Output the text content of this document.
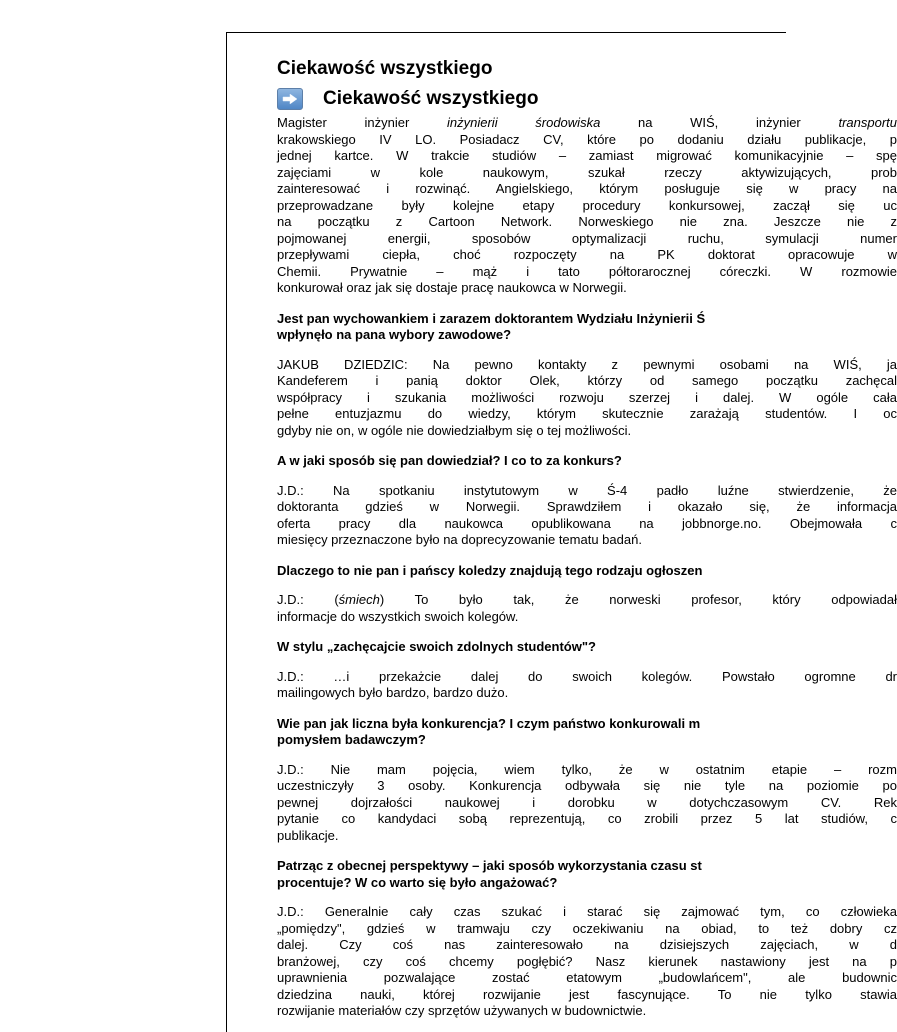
Ciekawość wszystkiego
Ciekawość wszystkiego
Magister inżynier inżynierii środowiska na WIŚ, inżynier transportu
krakowskiego IV LO. Posiadacz CV, które po dodaniu działu publikacje, p
jednej kartce. W trakcie studiów – zamiast migrować komunikacyjnie – spę
zajęciami w kole naukowym, szukał rzeczy aktywizujących, prob
zainteresować i rozwinąć. Angielskiego, którym posługuje się w pracy na
przeprowadzane były kolejne etapy procedury konkursowej, zaczął się uc
na początku z Cartoon Network. Norweskiego nie zna. Jeszcze nie z
pojmowanej energii, sposobów optymalizacji ruchu, symulacji numer
przepływami ciepła, choć rozpoczęty na PK doktorat opracowuje w
Chemii. Prywatnie – mąż i tato półtorarocznej córeczki. W rozmowie
konkurował oraz jak się dostaje pracę naukowca w Norwegii.
Jest pan wychowankiem i zarazem doktorantem Wydziału Inżynierii Ś
wpłynęło na pana wybory zawodowe?
JAKUB DZIEDZIC: Na pewno kontakty z pewnymi osobami na WIŚ, ja
Kandeferem i panią doktor Olek, którzy od samego początku zachęcal
współpracy i szukania możliwości rozwoju szerzej i dalej. W ogóle cała
pełne entuzjazmu do wiedzy, którym skutecznie zarażają studentów. I oc
gdyby nie on, w ogóle nie dowiedziałbym się o tej możliwości.
A w jaki sposób się pan dowiedział? I co to za konkurs?
J.D.: Na spotkaniu instytutowym w Ś-4 padło luźne stwierdzenie, że
doktoranta gdzieś w Norwegii. Sprawdziłem i okazało się, że informacja
oferta pracy dla naukowca opublikowana na jobbnorge.no. Obejmowała c
miesięcy przeznaczone było na doprecyzowanie tematu badań.
Dlaczego to nie pan i pańscy koledzy znajdują tego rodzaju ogłoszen
J.D.: (śmiech) To było tak, że norweski profesor, który odpowiadał
informacje do wszystkich swoich kolegów.
W stylu „zachęcajcie swoich zdolnych studentów"?
J.D.: …i przekażcie dalej do swoich kolegów. Powstało ogromne dr
mailingowych było bardzo, bardzo dużo.
Wie pan jak liczna była konkurencja? I czym państwo konkurowali m
pomysłem badawczym?
J.D.: Nie mam pojęcia, wiem tylko, że w ostatnim etapie – rozm
uczestniczyły 3 osoby. Konkurencja odbywała się nie tyle na poziomie po
pewnej dojrzałości naukowej i dorobku w dotychczasowym CV. Rek
pytanie co kandydaci sobą reprezentują, co zrobili przez 5 lat studiów, c
publikacje.
Patrząc z obecnej perspektywy – jaki sposób wykorzystania czasu st
procentuje? W co warto się było angażować?
J.D.: Generalnie cały czas szukać i starać się zajmować tym, co człowieka
„pomiędzy", gdzieś w tramwaju czy oczekiwaniu na obiad, to też dobry cz
dalej. Czy coś nas zainteresowało na dzisiejszych zajęciach, w d
branżowej, czy coś chcemy pogłębić? Nasz kierunek nastawiony jest na p
uprawnienia pozwalające zostać etatowym „budowlańcem", ale budownic
dziedzina nauki, której rozwijanie jest fascynujące. To nie tylko stawia
rozwijanie materiałów czy sprzętów używanych w budownictwie.
